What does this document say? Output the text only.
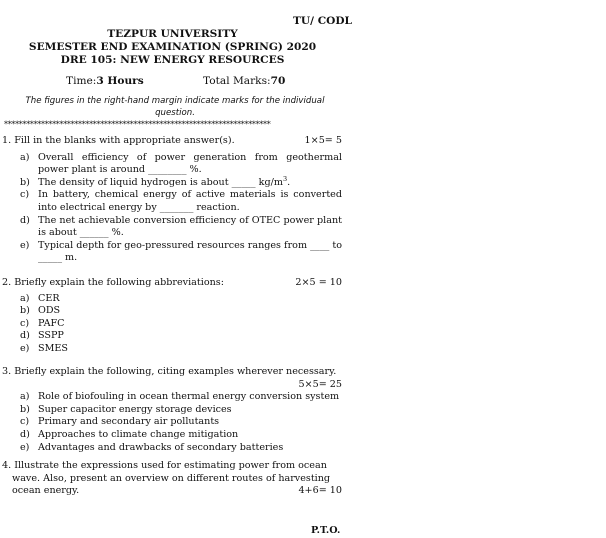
TU/ CODL
TEZPUR UNIVERSITY
SEMESTER END EXAMINATION (SPRING) 2020
DRE 105: NEW ENERGY RESOURCES
Time:3 Hours	Total Marks:70
The figures in the right-hand margin indicate marks for the individual question.
************************************************************************
1. Fill in the blanks with appropriate answer(s).	1×5= 5
a) Overall efficiency of power generation from geothermal power plant is around ________ %.
b) The density of liquid hydrogen is about _____ $kg/m^3$.
c) In battery, chemical energy of active materials is converted into electrical energy by _______ reaction.
d) The net achievable conversion efficiency of OTEC power plant is about ______ %.
e) Typical depth for geo-pressured resources ranges from ____ to _____ m.
2. Briefly explain the following abbreviations:	2×5 = 10
a) CER
b) ODS
c) PAFC
d) SSPP
e) SMES
3. Briefly explain the following, citing examples wherever necessary.
5×5= 25
a) Role of biofouling in ocean thermal energy conversion system
b) Super capacitor energy storage devices
c) Primary and secondary air pollutants
d) Approaches to climate change mitigation
e) Advantages and drawbacks of secondary batteries
4. Illustrate the expressions used for estimating power from ocean
wave. Also, present an overview on different routes of harvesting
ocean energy.	4+6= 10
P.T.O.
